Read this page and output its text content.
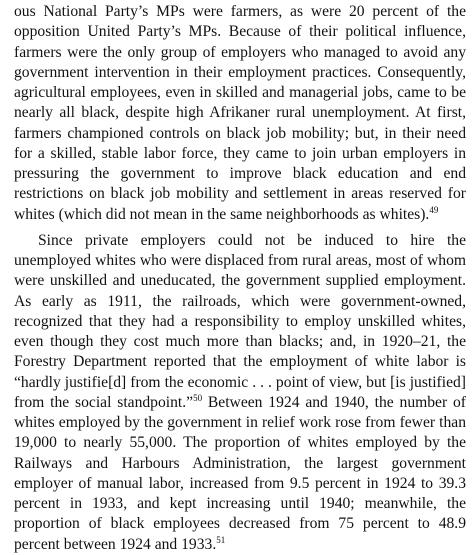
ous National Party’s MPs were farmers, as were 20 percent of the opposition United Party’s MPs. Because of their political influence, farmers were the only group of employers who managed to avoid any government intervention in their employment practices. Consequently, agricultural employees, even in skilled and managerial jobs, came to be nearly all black, despite high Afrikaner rural unemployment. At first, farmers championed controls on black job mobility; but, in their need for a skilled, stable labor force, they came to join urban employers in pressuring the government to improve black education and end restrictions on black job mobility and settlement in areas reserved for whites (which did not mean in the same neighborhoods as whites).$^{49}$

Since private employers could not be induced to hire the unemployed whites who were displaced from rural areas, most of whom were unskilled and uneducated, the government supplied employment. As early as 1911, the railroads, which were government-owned, recognized that they had a responsibility to employ unskilled whites, even though they cost much more than blacks; and, in 1920–21, the Forestry Department reported that the employment of white labor is “hardly justifie[d] from the economic . . . point of view, but [is justified] from the social standpoint.”$^{50}$ Between 1924 and 1940, the number of whites employed by the government in relief work rose from fewer than 19,000 to nearly 55,000. The proportion of whites employed by the Railways and Harbours Administration, the largest government employer of manual labor, increased from 9.5 percent in 1924 to 39.3 percent in 1933, and kept increasing until 1940; meanwhile, the proportion of black employees decreased from 75 percent to 48.9 percent between 1924 and 1933.51
